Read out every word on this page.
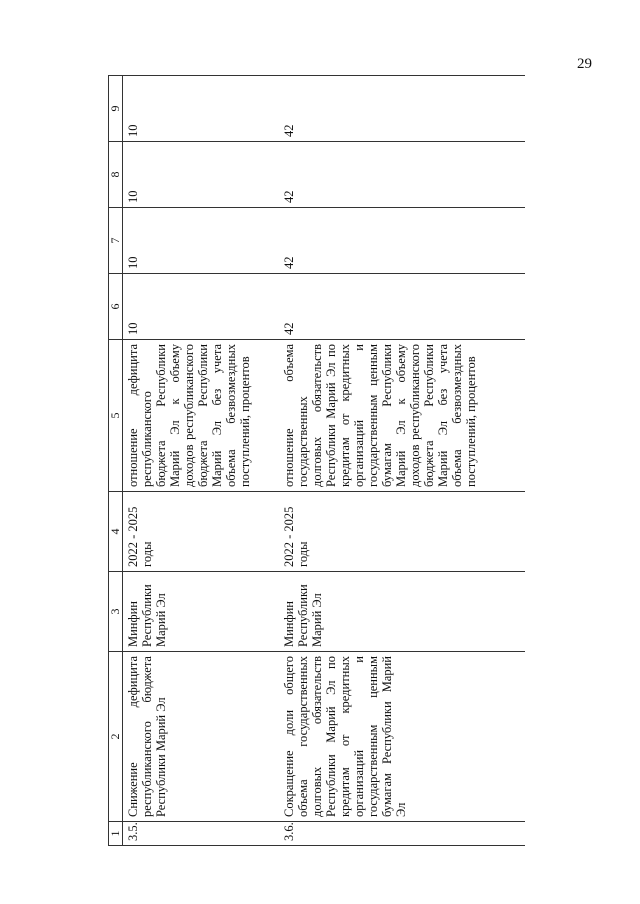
29
1	2	3	4	5	6	7	8	9
3.5.	Снижение дефицита республиканского бюджета Республики Марий Эл	Минфин Республики Марий Эл	2022 - 2025 годы	отношение дефицита республиканского бюджета Республики Марий Эл к объему доходов республиканского бюджета Республики Марий Эл без учета объема безвозмездных поступлений, процентов	10	10	10	10
3.6.	Сокращение доли общего объема государственных долговых обязательств Республики Марий Эл по кредитам от кредитных организаций и государственным ценным бумагам Республики Марий Эл	Минфин Республики Марий Эл	2022 - 2025 годы	отношение объема государственных долговых обязательств Республики Марий Эл по кредитам от кредитных организаций и государственным ценным бумагам Республики Марий Эл к объему доходов республиканского бюджета Республики Марий Эл без учета объема безвозмездных поступлений, процентов	42	42	42	42
